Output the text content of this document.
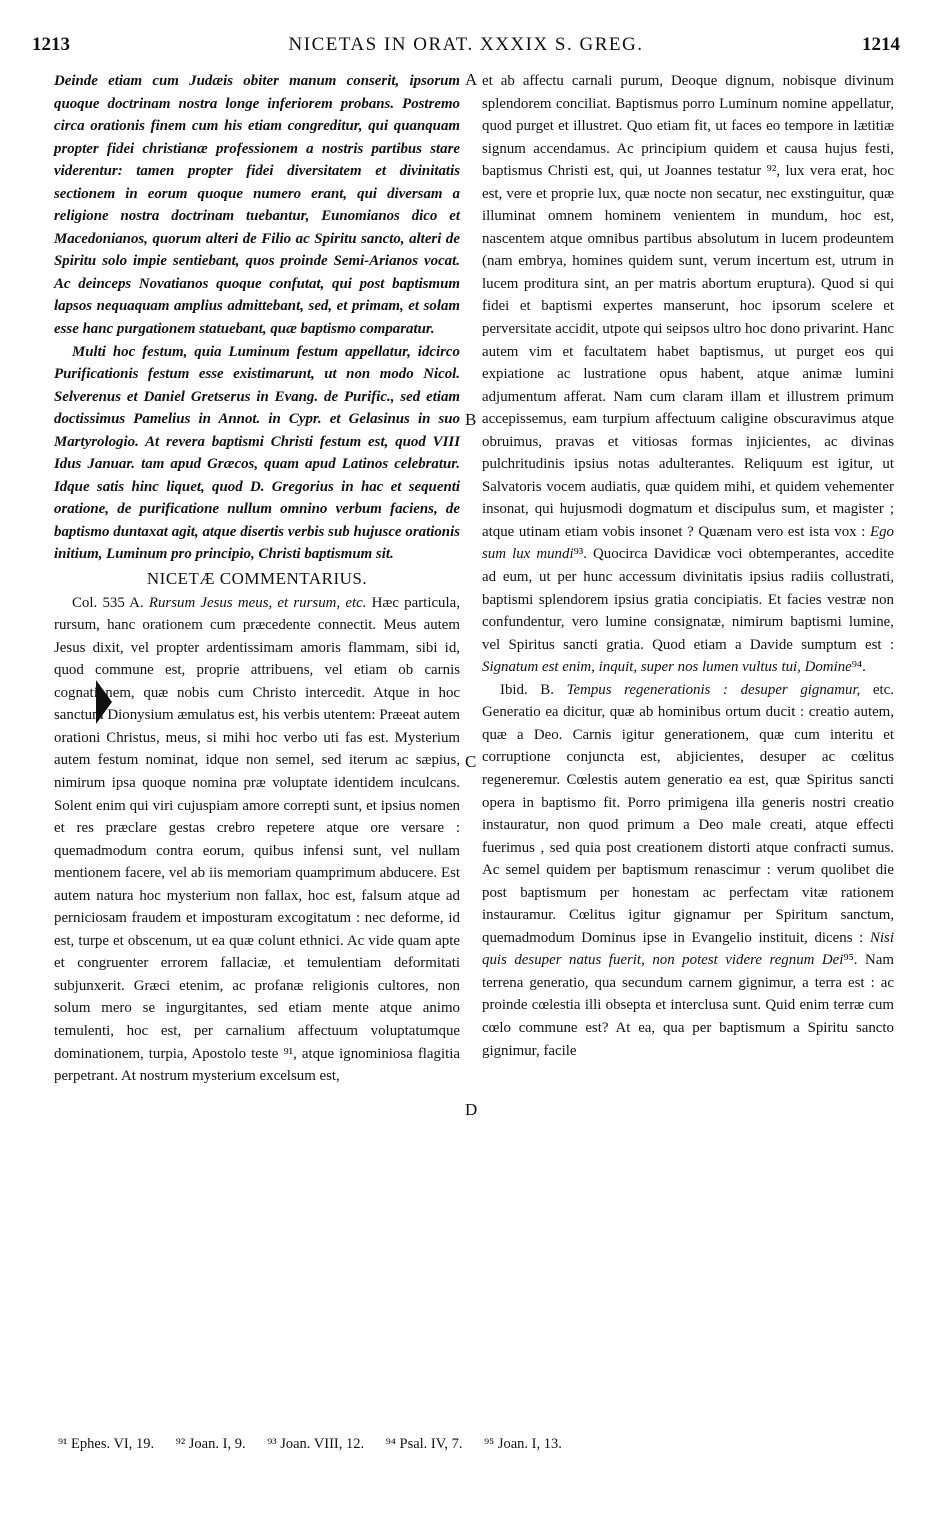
1213	NICETAS IN ORAT. XXXIX S. GREG.	1214

Deinde etiam cum Judæis obiter manum conserit, ipsorum quoque doctrinam nostra longe inferiorem probans. Postremo circa orationis finem cum his etiam congreditur, qui quanquam propter fidei christianæ professionem a nostris partibus stare viderentur: tamen propter fidei diversitatem et divinitatis sectionem in eorum quoque numero erant, qui diversam a religione nostra doctrinam tuebantur, Eunomianos dico et Macedonianos, quorum alteri de Filio ac Spiritu sancto, alteri de Spiritu solo impie sentiebant, quos proinde Semi-Arianos vocat. Ac deinceps Novatianos quoque confutat, qui post baptismum lapsos nequaquam amplius admittebant, sed, et primam, et solam esse hanc purgationem statuebant, quæ baptismo comparatur.

Multi hoc festum, quia Luminum festum appellatur, idcirco Purificationis festum esse existimarunt, ut non modo Nicol. Selverenus et Daniel Gretserus in Evang. de Purific., sed etiam doctissimus Pamelius in Annot. in Cypr. et Gelasinus in suo Martyrologio. At revera baptismi Christi festum est, quod VIII Idus Januar. tam apud Græcos, quam apud Latinos celebratur. Idque satis hinc liquet, quod D. Gregorius in hac et sequenti oratione, de purificatione nullum omnino verbum faciens, de baptismo duntaxat agit, atque disertis verbis sub hujusce orationis initium, Luminum pro principio, Christi baptismum sit.

NICETÆ COMMENTARIUS.

Col. 535 A. Rursum Jesus meus, et rursum, etc. Hæc particula, rursum, hanc orationem cum præcedente connectit. Meus autem Jesus dixit, vel propter ardentissimam amoris flammam, sibi id, quod commune est, proprie attribuens, vel etiam ob carnis cognationem, quæ nobis cum Christo intercedit. Atque in hoc sanctum Dionysium æmulatus est, his verbis utentem: Præeat autem orationi Christus, meus, si mihi hoc verbo uti fas est. Mysterium autem festum nominat, idque non semel, sed iterum ac sæpius, nimirum ipsa quoque nomina præ voluptate identidem inculcans. Solent enim qui viri cujuspiam amore correpti sunt, et ipsius nomen et res præclare gestas crebro repetere atque ore versare : quemadmodum contra eorum, quibus infensi sunt, vel nullam mentionem facere, vel ab iis memoriam quamprimum abducere. Est autem natura hoc mysterium non fallax, hoc est, falsum atque ad perniciosam fraudem et imposturam excogitatum : nec deforme, id est, turpe et obscenum, ut ea quæ colunt ethnici. Ac vide quam apte et congruenter errorem fallaciæ, et temulentiam deformitati subjunxerit. Græci etenim, ac profanæ religionis cultores, non solum mero se ingurgitantes, sed etiam mente atque animo temulenti, hoc est, per carnalium affectuum voluptatumque dominationem, turpia, Apostolo teste ⁹¹, atque ignominiosa flagitia perpetrant. At nostrum mysterium excelsum est,

A
B
C
D

et ab affectu carnali purum, Deoque dignum, nobisque divinum splendorem conciliat. Baptismus porro Luminum nomine appellatur, quod purget et illustret. Quo etiam fit, ut faces eo tempore in lætitiæ signum accendamus. Ac principium quidem et causa hujus festi, baptismus Christi est, qui, ut Joannes testatur ⁹², lux vera erat, hoc est, vere et proprie lux, quæ nocte non secatur, nec exstinguitur, quæ illuminat omnem hominem venientem in mundum, hoc est, nascentem atque omnibus partibus absolutum in lucem prodeuntem (nam embrya, homines quidem sunt, verum incertum est, utrum in lucem proditura sint, an per matris abortum eruptura). Quod si qui fidei et baptismi expertes manserunt, hoc ipsorum scelere et perversitate accidit, utpote qui seipsos ultro hoc dono privarint. Hanc autem vim et facultatem habet baptismus, ut purget eos qui expiatione ac lustratione opus habent, atque animæ lumini adjumentum afferat. Nam cum claram illam et illustrem primum accepissemus, eam turpium affectuum caligine obscuravimus atque obruimus, pravas et vitiosas formas injicientes, ac divinas pulchritudinis ipsius notas adulterantes. Reliquum est igitur, ut Salvatoris vocem audiatis, quæ quidem mihi, et quidem vehementer insonat, qui hujusmodi dogmatum et discipulus sum, et magister ; atque utinam etiam vobis insonet ? Quænam vero est ista vox : Ego sum lux mundi⁹³. Quocirca Davidicæ voci obtemperantes, accedite ad eum, ut per hunc accessum divinitatis ipsius radiis collustrati, baptismi splendorem ipsius gratia concipiatis. Et facies vestræ non confundentur, vero lumine consignatæ, nimirum baptismi lumine, vel Spiritus sancti gratia. Quod etiam a Davide sumptum est : Signatum est enim, inquit, super nos lumen vultus tui, Domine⁹⁴.

Ibid. B. Tempus regenerationis : desuper gignamur, etc. Generatio ea dicitur, quæ ab hominibus ortum ducit : creatio autem, quæ a Deo. Carnis igitur generationem, quæ cum interitu et corruptione conjuncta est, abjicientes, desuper ac cœlitus regeneremur. Cœlestis autem generatio ea est, quæ Spiritus sancti opera in baptismo fit. Porro primigena illa generis nostri creatio instauratur, non quod primum a Deo male creati, atque effecti fuerimus , sed quia post creationem distorti atque confracti sumus. Ac semel quidem per baptismum renascimur : verum quolibet die post baptismum per honestam ac perfectam vitæ rationem instauramur. Cœlitus igitur gignamur per Spiritum sanctum, quemadmodum Dominus ipse in Evangelio instituit, dicens : Nisi quis desuper natus fuerit, non potest videre regnum Dei⁹⁵. Nam terrena generatio, qua secundum carnem gignimur, a terra est : ac proinde cœlestia illi obsepta et interclusa sunt. Quid enim terræ cum cœlo commune est? At ea, qua per baptismum a Spiritu sancto gignimur, facile

⁹¹ Ephes. VI, 19. ⁹² Joan. I, 9. ⁹³ Joan. VIII, 12. ⁹⁴ Psal. IV, 7. ⁹⁵ Joan. I, 13.
